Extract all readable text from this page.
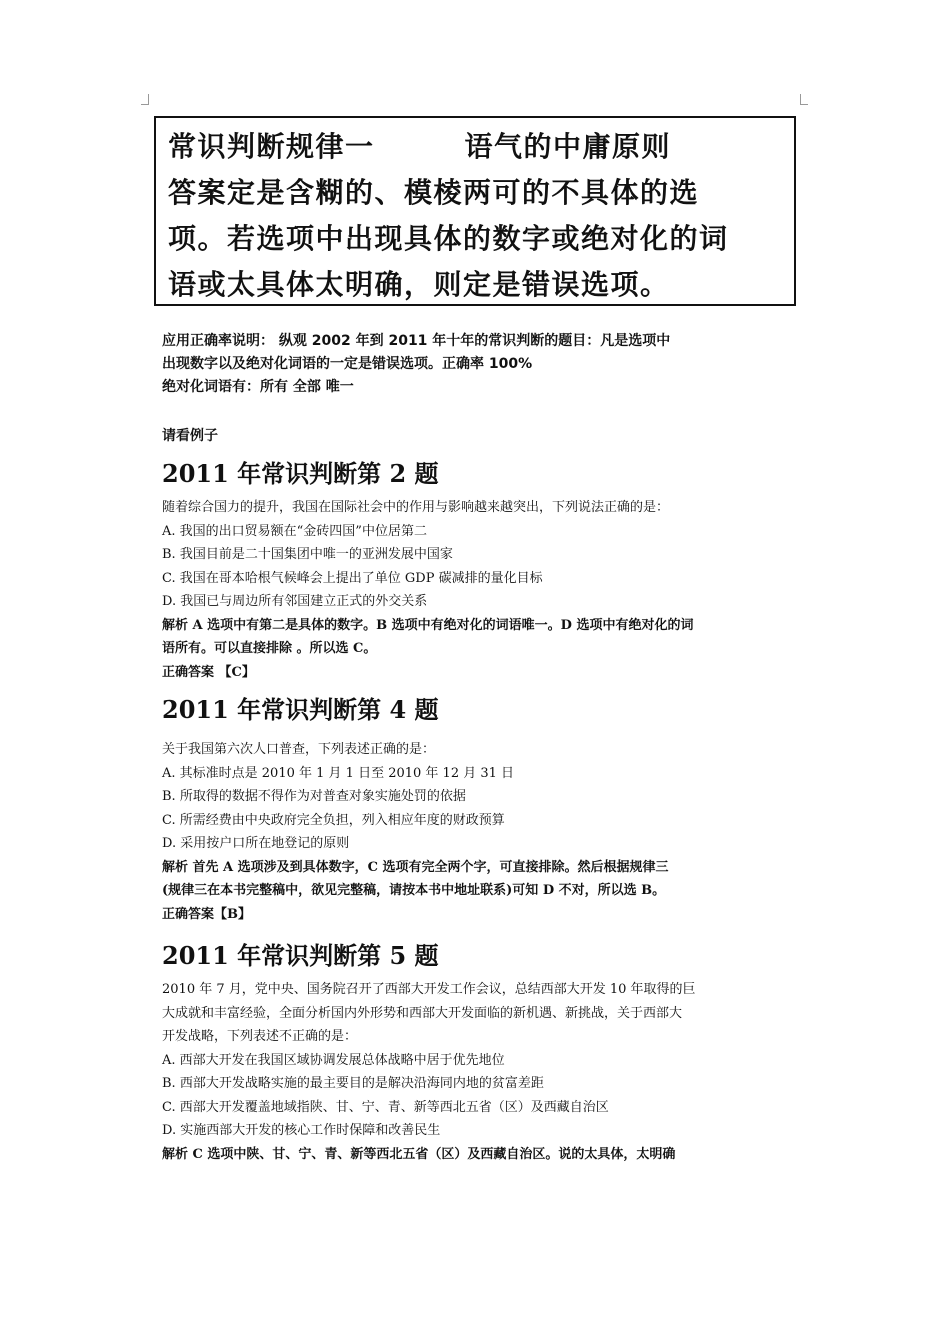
常识判断规律一	语气的中庸原则
答案定是含糊的、模棱两可的不具体的选
项。若选项中出现具体的数字或绝对化的词
语或太具体太明确，则定是错误选项。

应用正确率说明： 纵观 2002 年到 2011 年十年的常识判断的题目：凡是选项中

出现数字以及绝对化词语的一定是错误选项。正确率 100%

绝对化词语有：所有 全部 唯一

请看例子
2011 年常识判断第 2 题

随着综合国力的提升，我国在国际社会中的作用与影响越来越突出，下列说法正确的是：

A. 我国的出口贸易额在“金砖四国”中位居第二

B. 我国目前是二十国集团中唯一的亚洲发展中国家

C. 我国在哥本哈根气候峰会上提出了单位 GDP 碳减排的量化目标

D. 我国已与周边所有邻国建立正式的外交关系

解析 A 选项中有第二是具体的数字。B 选项中有绝对化的词语唯一。D 选项中有绝对化的词

语所有。可以直接排除 。所以选 C。

正确答案 【C】

2011 年常识判断第 4 题

关于我国第六次人口普查，下列表述正确的是：

A. 其标准时点是 2010 年 1 月 1 日至 2010 年 12 月 31 日

B. 所取得的数据不得作为对普查对象实施处罚的依据

C. 所需经费由中央政府完全负担，列入相应年度的财政预算

D. 采用按户口所在地登记的原则

解析 首先 A 选项涉及到具体数字，C 选项有完全两个字，可直接排除。然后根据规律三

(规律三在本书完整稿中，欲见完整稿，请按本书中地址联系)可知 D 不对，所以选 B。

正确答案【B】

2011 年常识判断第 5 题

2010 年 7 月，党中央、国务院召开了西部大开发工作会议，总结西部大开发 10 年取得的巨

大成就和丰富经验，全面分析国内外形势和西部大开发面临的新机遇、新挑战，关于西部大

开发战略，下列表述不正确的是：

A. 西部大开发在我国区域协调发展总体战略中居于优先地位

B. 西部大开发战略实施的最主要目的是解决沿海同内地的贫富差距

C. 西部大开发覆盖地域指陕、甘、宁、青、新等西北五省（区）及西藏自治区

D. 实施西部大开发的核心工作时保障和改善民生

解析 C 选项中陕、甘、宁、青、新等西北五省（区）及西藏自治区。说的太具体，太明确
